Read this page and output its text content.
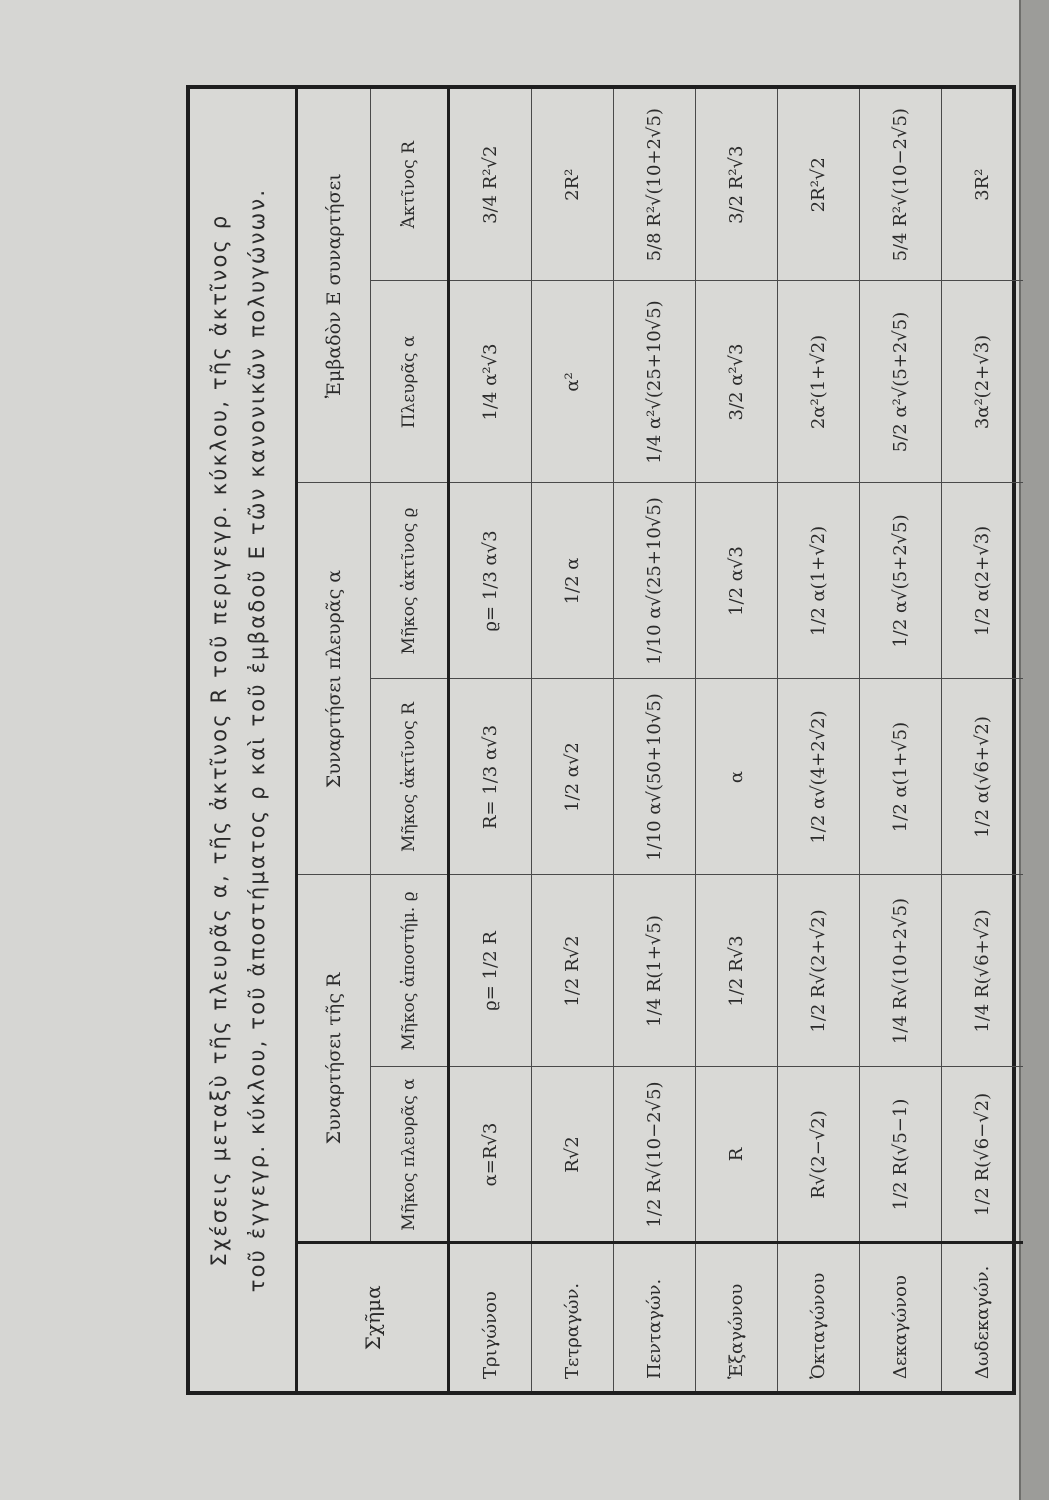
Σχέσεις μεταξὺ τῆς πλευρᾶς α, τῆς ἀκτῖνος R τοῦ περιγεγρ. κύκλου, τῆς ἀκτῖνος ρ τοῦ ἐγγεγρ. κύκλου, τοῦ ἀποστήματος ρ καὶ τοῦ ἐμβαδοῦ Ε τῶν κανονικῶν πολυγώνων.
Σχῆμα	Συναρτήσει τῆς R		Συναρτήσει πλευρᾶς α		Ἐμβαδὸν Ε συναρτήσει	
	Μῆκος πλευρᾶς α	Μῆκος ἀποστήμ. ϱ	Μῆκος ἀκτῖνος R	Μῆκος ἀκτῖνος ϱ	Πλευρᾶς α	Ἀκτῖνος R
Τριγώνου	α=R√3	ϱ= 1/2 R	R= 1/3 α√3	ϱ= 1/3 α√3	1/4 α²√3	3/4 R²√2
Τετραγών.	R√2	1/2 R√2	1/2 α√2	1/2 α	α²	2R²
Πενταγών.	1/2 R√(10−2√5)	1/4 R(1+√5)	1/10 α√(50+10√5)	1/10 α√(25+10√5)	1/4 α²√(25+10√5)	5/8 R²√(10+2√5)
Ἑξαγώνου	R	1/2 R√3	α	1/2 α√3	3/2 α²√3	3/2 R²√3
Ὀκταγώνου	R√(2−√2)	1/2 R√(2+√2)	1/2 α√(4+2√2)	1/2 α(1+√2)	2α²(1+√2)	2R²√2
Δεκαγώνου	1/2 R(√5−1)	1/4 R√(10+2√5)	1/2 α(1+√5)	1/2 α√(5+2√5)	5/2 α²√(5+2√5)	5/4 R²√(10−2√5)
Δωδεκαγών.	1/2 R(√6−√2)	1/4 R(√6+√2)	1/2 α(√6+√2)	1/2 α(2+√3)	3α²(2+√3)	3R²
